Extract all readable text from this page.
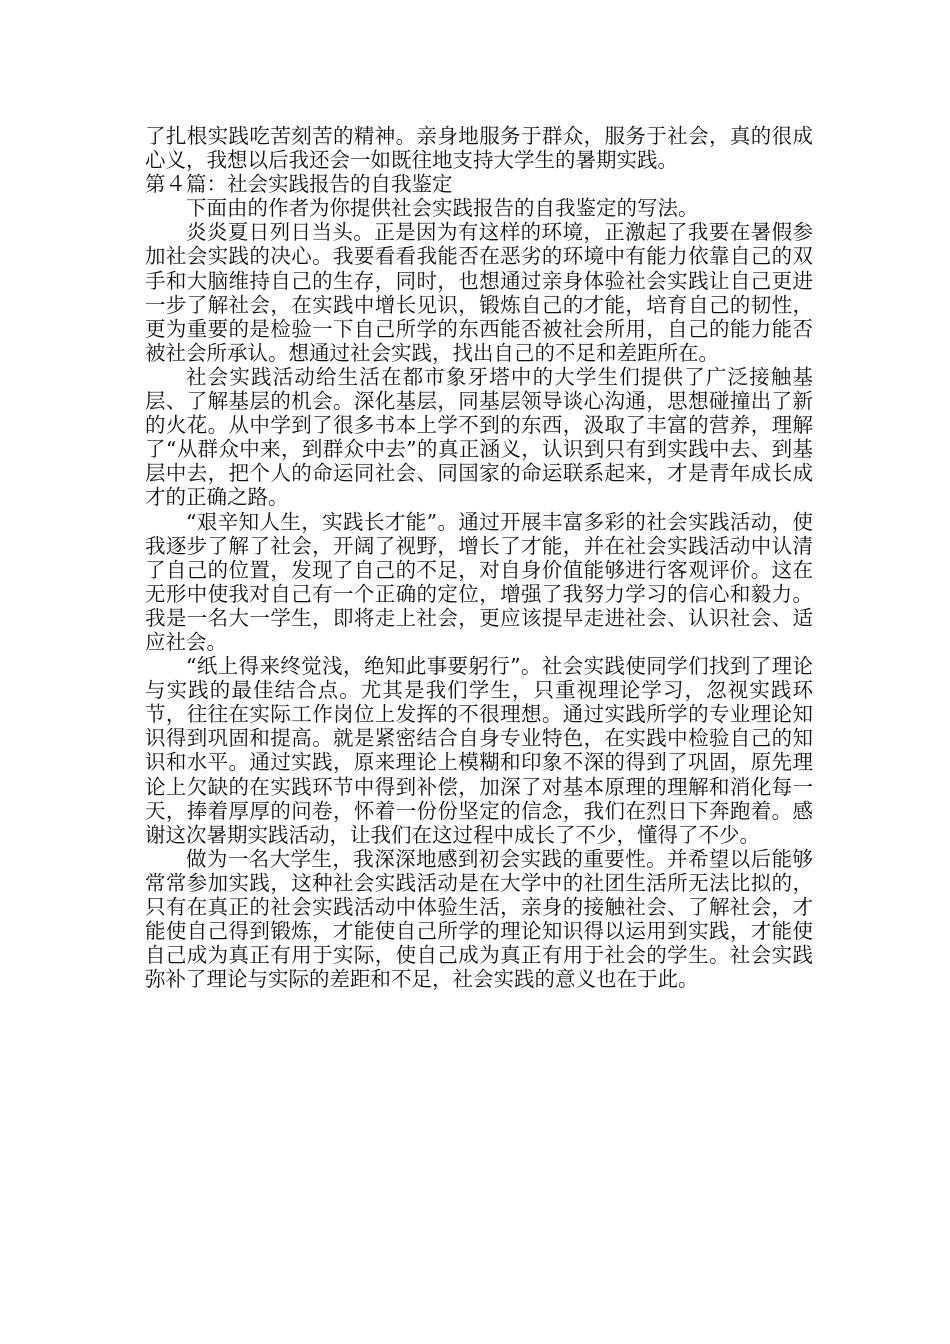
了扎根实践吃苦刻苦的精神。亲身地服务于群众，服务于社会，真的很成心义，我想以后我还会一如既往地支持大学生的暑期实践。

第４篇：社会实践报告的自我鉴定

下面由的作者为你提供社会实践报告的自我鉴定的写法。

炎炎夏日列日当头。正是因为有这样的环境，正激起了我要在暑假参加社会实践的决心。我要看看我能否在恶劣的环境中有能力依靠自己的双手和大脑维持自己的生存，同时，也想通过亲身体验社会实践让自己更进一步了解社会，在实践中增长见识，锻炼自己的才能，培育自己的韧性，更为重要的是检验一下自己所学的东西能否被社会所用，自己的能力能否被社会所承认。想通过社会实践，找出自己的不足和差距所在。

社会实践活动给生活在都市象牙塔中的大学生们提供了广泛接触基层、了解基层的机会。深化基层，同基层领导谈心沟通，思想碰撞出了新的火花。从中学到了很多书本上学不到的东西，汲取了丰富的营养，理解了“从群众中来，到群众中去”的真正涵义，认识到只有到实践中去、到基层中去，把个人的命运同社会、同国家的命运联系起来，才是青年成长成才的正确之路。

“艰辛知人生，实践长才能”。通过开展丰富多彩的社会实践活动，使我逐步了解了社会，开阔了视野，增长了才能，并在社会实践活动中认清了自己的位置，发现了自己的不足，对自身价值能够进行客观评价。这在无形中使我对自己有一个正确的定位，增强了我努力学习的信心和毅力。我是一名大一学生，即将走上社会，更应该提早走进社会、认识社会、适应社会。

“纸上得来终觉浅，绝知此事要躬行”。社会实践使同学们找到了理论与实践的最佳结合点。尤其是我们学生，只重视理论学习，忽视实践环节，往往在实际工作岗位上发挥的不很理想。通过实践所学的专业理论知识得到巩固和提高。就是紧密结合自身专业特色，在实践中检验自己的知识和水平。通过实践，原来理论上模糊和印象不深的得到了巩固，原先理论上欠缺的在实践环节中得到补偿，加深了对基本原理的理解和消化每一天，捧着厚厚的问卷，怀着一份份坚定的信念，我们在烈日下奔跑着。感谢这次暑期实践活动，让我们在这过程中成长了不少，懂得了不少。

做为一名大学生，我深深地感到初会实践的重要性。并希望以后能够常常参加实践，这种社会实践活动是在大学中的社团生活所无法比拟的，只有在真正的社会实践活动中体验生活，亲身的接触社会、了解社会，才能使自己得到锻炼，才能使自己所学的理论知识得以运用到实践，才能使自己成为真正有用于实际，使自己成为真正有用于社会的学生。社会实践弥补了理论与实际的差距和不足，社会实践的意义也在于此。
